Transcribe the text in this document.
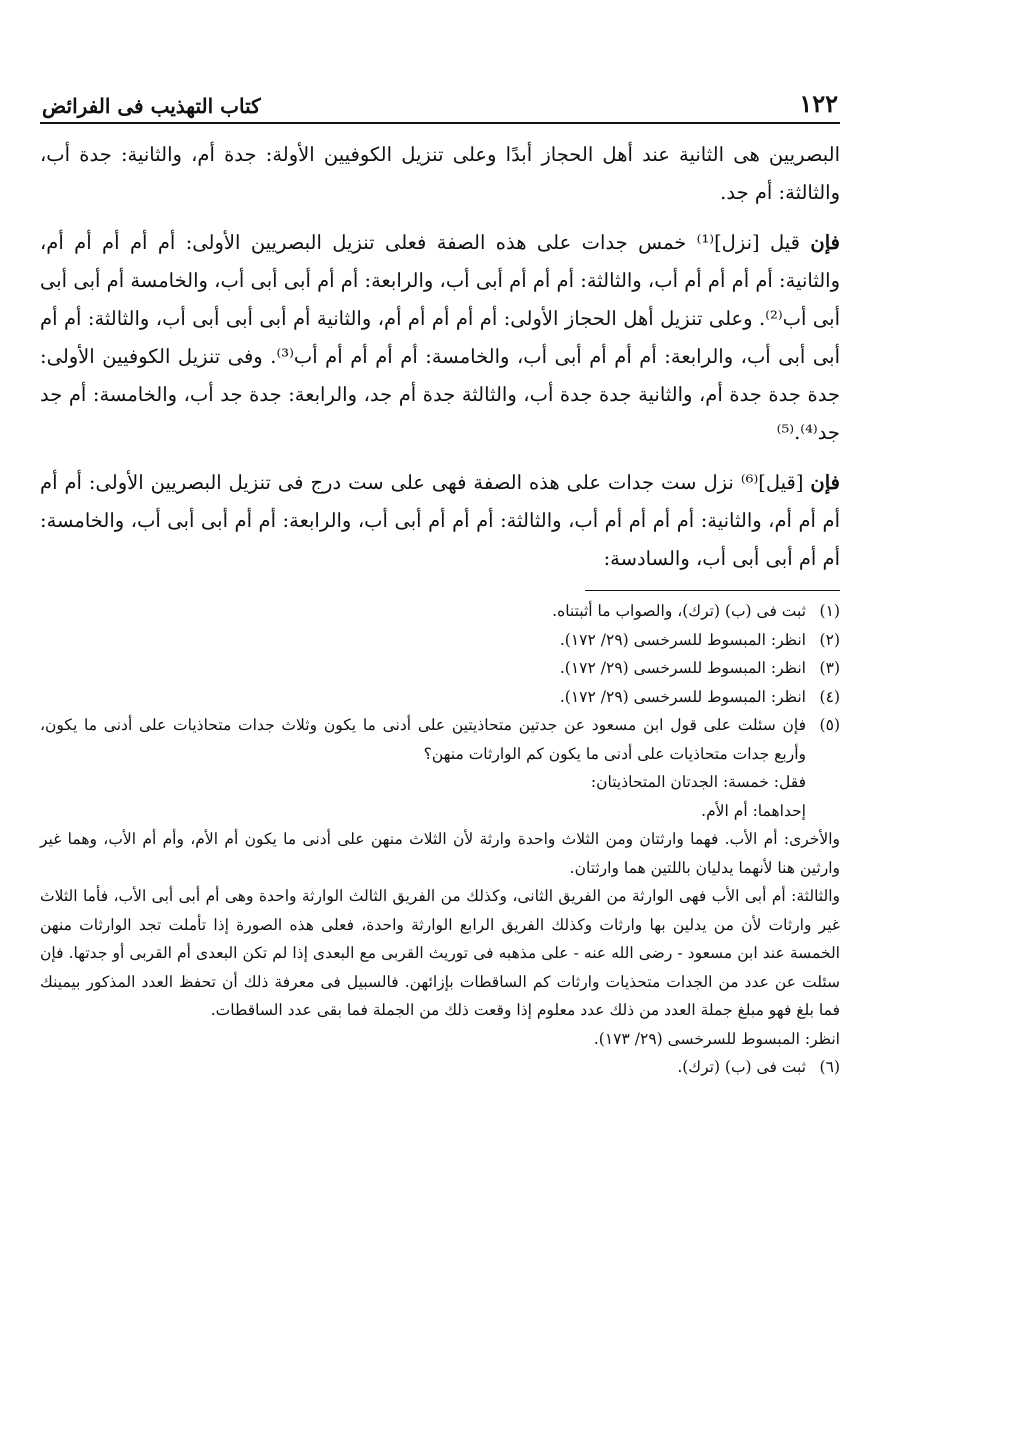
١٢٢
كتاب التهذيب فى الفرائض

البصريين هى الثانية عند أهل الحجاز أبدًا وعلى تنزيل الكوفيين الأولة: جدة أم، والثانية: جدة أب، والثالثة: أم جد.

فإن قيل [نزل]⁽¹⁾ خمس جدات على هذه الصفة فعلى تنزيل البصريين الأولى: أم أم أم أم أم، والثانية: أم أم أم أم أب، والثالثة: أم أم أم أبى أب، والرابعة: أم أم أبى أبى أب، والخامسة أم أبى أبى أبى أب⁽²⁾. وعلى تنزيل أهل الحجاز الأولى: أم أم أم أم أم، والثانية أم أبى أبى أبى أب، والثالثة: أم أم أبى أبى أب، والرابعة: أم أم أم أبى أب، والخامسة: أم أم أم أم أب⁽³⁾. وفى تنزيل الكوفيين الأولى: جدة جدة جدة أم، والثانية جدة جدة أب، والثالثة جدة أم جد، والرابعة: جدة جد أب، والخامسة: أم جد جد⁽⁴⁾.⁽⁵⁾

فإن [قيل]⁽⁶⁾ نزل ست جدات على هذه الصفة فهى على ست درج فى تنزيل البصريين الأولى: أم أم أم أم أم، والثانية: أم أم أم أم أب، والثالثة: أم أم أم أبى أب، والرابعة: أم أم أبى أبى أب، والخامسة: أم أم أبى أبى أب، والسادسة:

(١)
ثبت فى (ب) (ترك)، والصواب ما أثبتناه.
(٢)
انظر: المبسوط للسرخسى (٢٩/ ١٧٢).
(٣)
انظر: المبسوط للسرخسى (٢٩/ ١٧٢).
(٤)
انظر: المبسوط للسرخسى (٢٩/ ١٧٢).
(٥)
فإن سئلت على قول ابن مسعود عن جدتين متحاذيتين على أدنى ما يكون وثلاث جدات متحاذيات على أدنى ما يكون، وأربع جدات متحاذيات على أدنى ما يكون كم الوارثات منهن؟
فقل: خمسة: الجدتان المتحاذيتان:
إحداهما: أم الأم.
والأخرى: أم الأب. فهما وارثتان ومن الثلاث واحدة وارثة لأن الثلاث منهن على أدنى ما يكون أم الأم، وأم أم الأب، وهما غير وارثين هنا لأنهما يدليان باللتين هما وارثتان.
والثالثة: أم أبى الأب فهى الوارثة من الفريق الثانى، وكذلك من الفريق الثالث الوارثة واحدة وهى أم أبى أبى الأب، فأما الثلاث غير وارثات لأن من يدلين بها وارثات وكذلك الفريق الرابع الوارثة واحدة، فعلى هذه الصورة إذا تأملت تجد الوارثات منهن الخمسة عند ابن مسعود - رضى الله عنه - على مذهبه فى توريث القربى مع البعدى إذا لم تكن البعدى أم القربى أو جدتها. فإن سئلت عن عدد من الجدات متحذيات وارثات كم الساقطات بإزائهن. فالسبيل فى معرفة ذلك أن تحفظ العدد المذكور بيمينك فما بلغ فهو مبلغ جملة العدد من ذلك عدد معلوم إذا وقعت ذلك من الجملة فما بقى عدد الساقطات.
انظر: المبسوط للسرخسى (٢٩/ ١٧٣).
(٦)
ثبت فى (ب) (ترك).
